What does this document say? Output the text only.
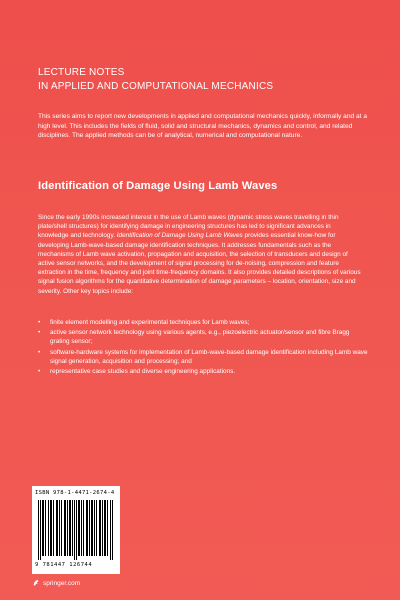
LECTURE NOTES
IN APPLIED AND COMPUTATIONAL MECHANICS
This series aims to report new developments in applied and computational mechanics quickly, informally and at a high level. This includes the fields of fluid, solid and structural mechanics, dynamics and control, and related disciplines. The applied methods can be of analytical, numerical and computational nature.
Identification of Damage Using Lamb Waves
Since the early 1990s increased interest in the use of Lamb waves (dynamic stress waves travelling in thin plate/shell structures) for identifying damage in engineering structures has led to significant advances in knowledge and technology. Identification of Damage Using Lamb Waves provides essential know-how for developing Lamb-wave-based damage identification techniques. It addresses fundamentals such as the mechanisms of Lamb wave activation, propagation and acquisition, the selection of transducers and design of active sensor networks, and the development of signal processing for de-noising, compression and feature extraction in the time, frequency and joint time-frequency domains. It also provides detailed descriptions of various signal fusion algorithms for the quantitative determination of damage parameters – location, orientation, size and severity. Other key topics include:
• finite element modelling and experimental techniques for Lamb waves;
• active sensor network technology using various agents, e.g., piezoelectric actuator/sensor and fibre Bragg grating sensor;
• software-hardware systems for implementation of Lamb-wave-based damage identification including Lamb wave signal generation, acquisition and processing; and
• representative case studies and diverse engineering applications.
ISBN 978-1-4471-2674-4
9 781447 126744
springer.com
